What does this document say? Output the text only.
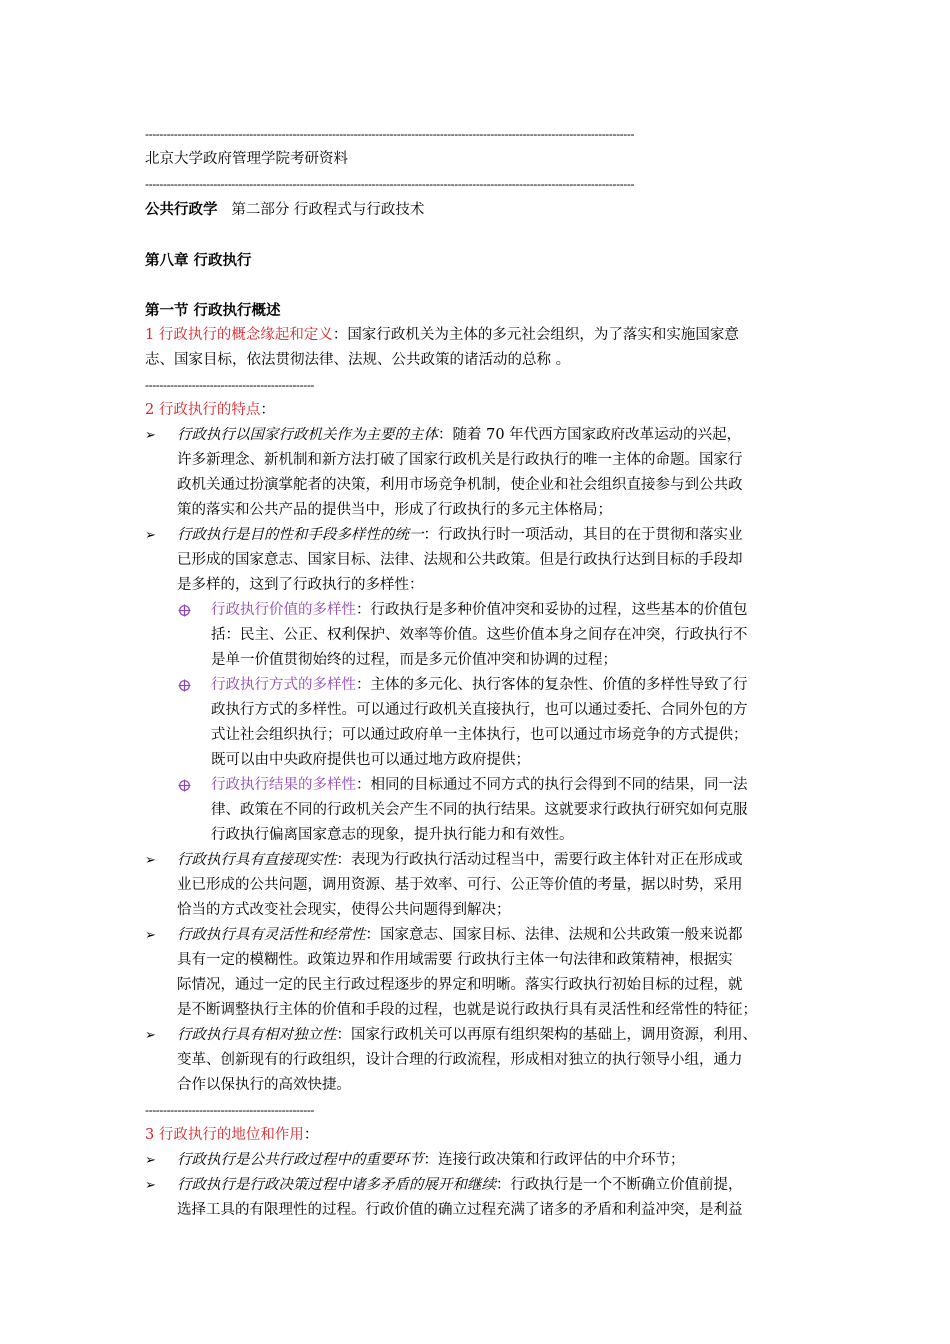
----------------------------------------------------------------------------------------------------------------------------------------

北京大学政府管理学院考研资料

----------------------------------------------------------------------------------------------------------------------------------------

公共行政学 第二部分 行政程式与行政技术

第八章 行政执行

第一节 行政执行概述

1 行政执行的概念缘起和定义：国家行政机关为主体的多元社会组织，为了落实和实施国家意

志、国家目标，依法贯彻法律、法规、公共政策的诸活动的总称 。

-----------------------------------------------

2 行政执行的特点：

➢	行政执行以国家行政机关作为主要的主体：随着 70 年代西方国家政府改革运动的兴起，
许多新理念、新机制和新方法打破了国家行政机关是行政执行的唯一主体的命题。国家行
政机关通过扮演掌舵者的决策，利用市场竞争机制，使企业和社会组织直接参与到公共政
策的落实和公共产品的提供当中，形成了行政执行的多元主体格局；
➢	行政执行是目的性和手段多样性的统一：行政执行时一项活动，其目的在于贯彻和落实业
已形成的国家意志、国家目标、法律、法规和公共政策。但是行政执行达到目标的手段却
是多样的，这到了行政执行的多样性：
行政执行价值的多样性：行政执行是多种价值冲突和妥协的过程，这些基本的价值包
括：民主、公正、权利保护、效率等价值。这些价值本身之间存在冲突，行政执行不
是单一价值贯彻始终的过程，而是多元价值冲突和协调的过程；
行政执行方式的多样性：主体的多元化、执行客体的复杂性、价值的多样性导致了行
政执行方式的多样性。可以通过行政机关直接执行，也可以通过委托、合同外包的方
式让社会组织执行；可以通过政府单一主体执行，也可以通过市场竞争的方式提供；
既可以由中央政府提供也可以通过地方政府提供；
行政执行结果的多样性：相同的目标通过不同方式的执行会得到不同的结果，同一法
律、政策在不同的行政机关会产生不同的执行结果。这就要求行政执行研究如何克服
行政执行偏离国家意志的现象，提升执行能力和有效性。
➢	行政执行具有直接现实性：表现为行政执行活动过程当中，需要行政主体针对正在形成或
业已形成的公共问题，调用资源、基于效率、可行、公正等价值的考量，据以时势，采用
恰当的方式改变社会现实，使得公共问题得到解决；
➢	行政执行具有灵活性和经常性：国家意志、国家目标、法律、法规和公共政策一般来说都
具有一定的模糊性。政策边界和作用域需要 行政执行主体一句法律和政策精神，根据实
际情况，通过一定的民主行政过程逐步的界定和明晰。落实行政执行初始目标的过程，就
是不断调整执行主体的价值和手段的过程，也就是说行政执行具有灵活性和经常性的特征；
➢	行政执行具有相对独立性：国家行政机关可以再原有组织架构的基础上，调用资源，利用、
变革、创新现有的行政组织，设计合理的行政流程，形成相对独立的执行领导小组，通力
合作以保执行的高效快捷。
-----------------------------------------------

3 行政执行的地位和作用：

➢	行政执行是公共行政过程中的重要环节：连接行政决策和行政评估的中介环节；
➢	行政执行是行政决策过程中诸多矛盾的展开和继续：行政执行是一个不断确立价值前提，
选择工具的有限理性的过程。行政价值的确立过程充满了诸多的矛盾和利益冲突，是利益
